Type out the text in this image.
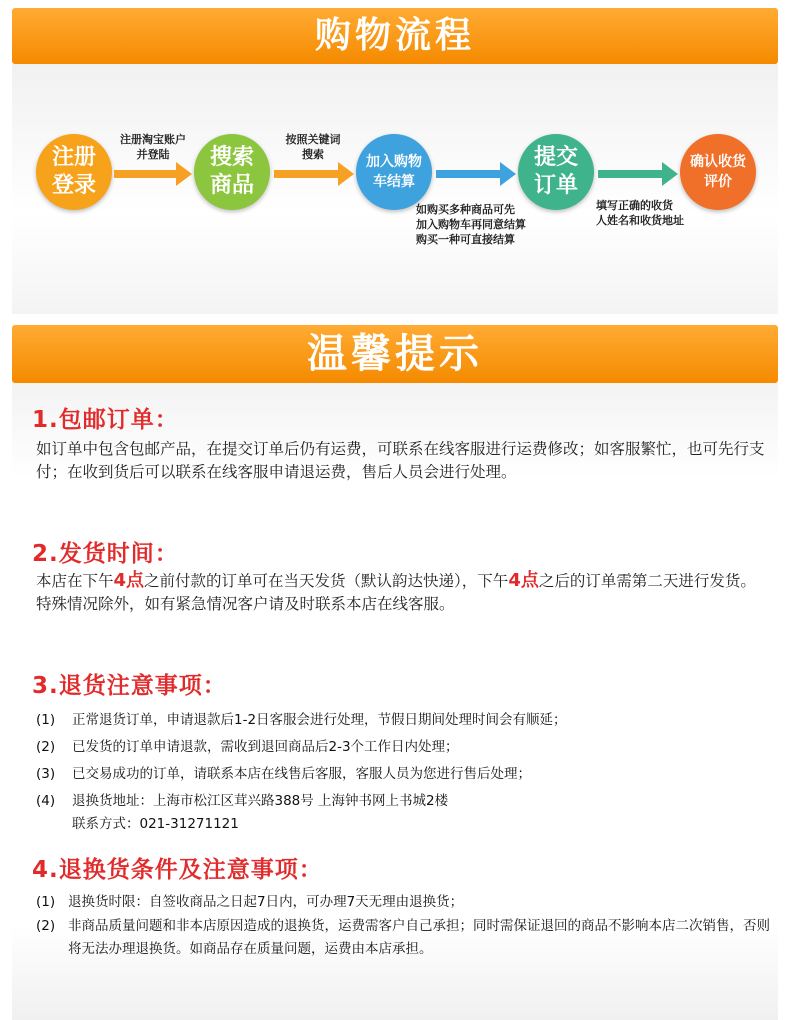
购物流程
注册
登录
搜索
商品
加入购物
车结算
提交
订单
确认收货
评价
注册淘宝账户
并登陆
按照关键词
搜索
如购买多种商品可先
加入购物车再同意结算
购买一种可直接结算
填写正确的收货
人姓名和收货地址
温馨提示
1.包邮订单：
如订单中包含包邮产品，在提交订单后仍有运费，可联系在线客服进行运费修改；如客服繁忙，也可先行支付；在收到货后可以联系在线客服申请退运费，售后人员会进行处理。
2.发货时间：
本店在下午4点之前付款的订单可在当天发货（默认韵达快递），下午4点之后的订单需第二天进行发货。特殊情况除外，如有紧急情况客户请及时联系本店在线客服。
3.退货注意事项：
(1) 正常退货订单，申请退款后1-2日客服会进行处理，节假日期间处理时间会有顺延；
(2) 已发货的订单申请退款，需收到退回商品后2-3个工作日内处理；
(3) 已交易成功的订单，请联系本店在线售后客服，客服人员为您进行售后处理；
(4) 退换货地址：上海市松江区茸兴路388号 上海钟书网上书城2楼
联系方式：021-31271121
4.退换货条件及注意事项：
(1) 退换货时限：自签收商品之日起7日内，可办理7天无理由退换货；
(2) 非商品质量问题和非本店原因造成的退换货，运费需客户自己承担；同时需保证退回的商品不影响本店二次销售，否则将无法办理退换货。如商品存在质量问题，运费由本店承担。
